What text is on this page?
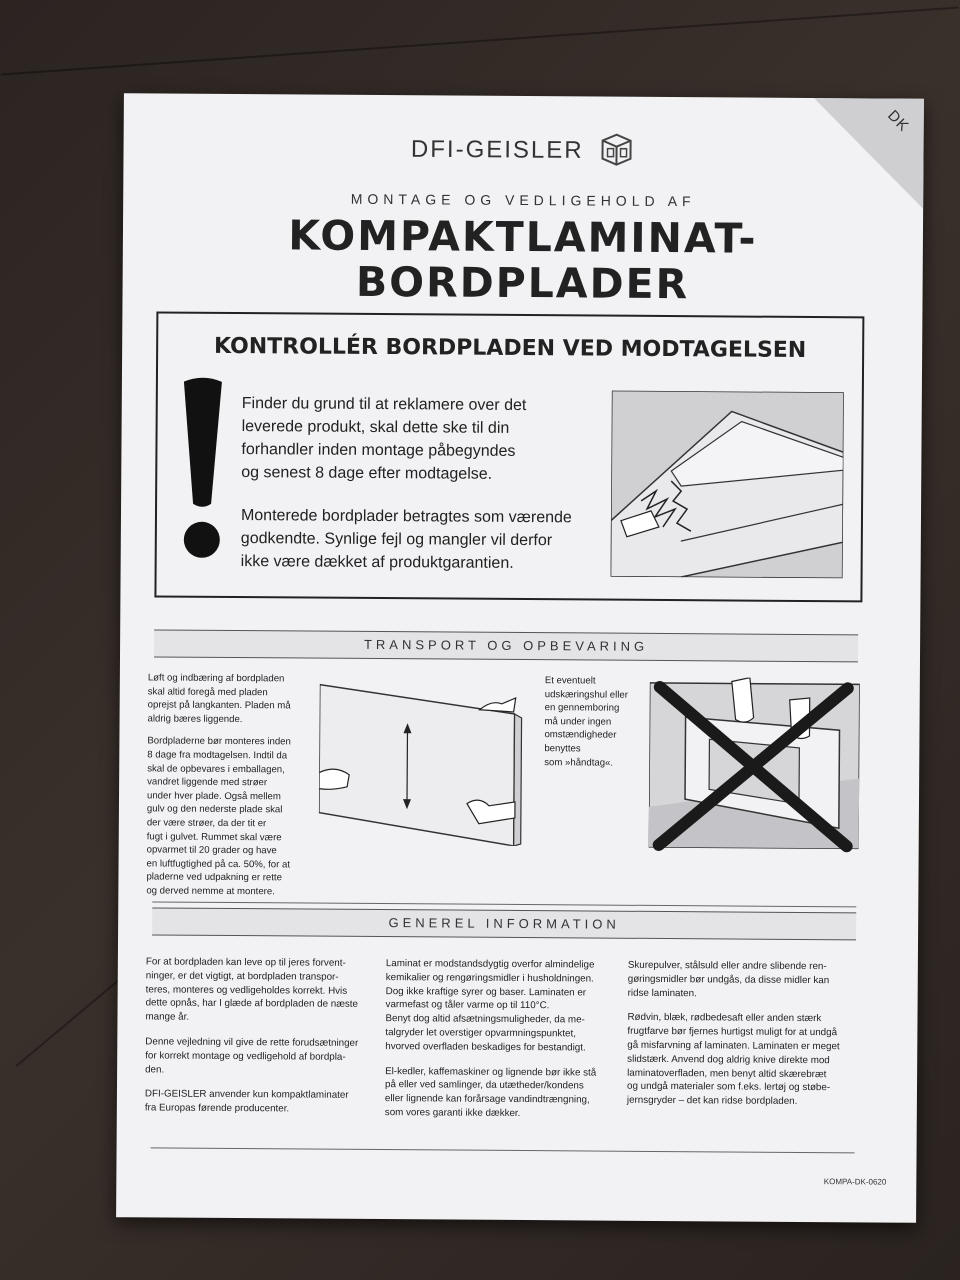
DK
DFI-GEISLER
MONTAGE OG VEDLIGEHOLD AF
KOMPAKTLAMINAT-
BORDPLADER
KONTROLLÉR BORDPLADEN VED MODTAGELSEN
Finder du grund til at reklamere over det
leverede produkt, skal dette ske til din
forhandler inden montage påbegyndes
og senest 8 dage efter modtagelse.
Monterede bordplader betragtes som værende
godkendte. Synlige fejl og mangler vil derfor
ikke være dækket af produktgarantien.
TRANSPORT OG OPBEVARING

Løft og indbæring af bordpladen
skal altid foregå med pladen
oprejst på langkanten. Pladen må
aldrig bæres liggende.

Bordpladerne bør monteres inden
8 dage fra modtagelsen. Indtil da
skal de opbevares i emballagen,
vandret liggende med strøer
under hver plade. Også mellem
gulv og den nederste plade skal
der være strøer, da der tit er
fugt i gulvet. Rummet skal være
opvarmet til 20 grader og have
en luftfugtighed på ca. 50%, for at
pladerne ved udpakning er rette
og derved nemme at montere.

Et eventuelt
udskæringshul eller
en gennemboring
må under ingen
omstændigheder
benyttes
som »håndtag«.
GENEREL INFORMATION

For at bordpladen kan leve op til jeres forvent-
ninger, er det vigtigt, at bordpladen transpor-
teres, monteres og vedligeholdes korrekt. Hvis
dette opnås, har I glæde af bordpladen de næste
mange år.

Denne vejledning vil give de rette forudsætninger
for korrekt montage og vedligehold af bordpla-
den.

DFI-GEISLER anvender kun kompaktlaminater
fra Europas førende producenter.

Laminat er modstandsdygtig overfor almindelige
kemikalier og rengøringsmidler i husholdningen.
Dog ikke kraftige syrer og baser. Laminaten er
varmefast og tåler varme op til 110°C.
Benyt dog altid afsætningsmuligheder, da me-
talgryder let overstiger opvarmningspunktet,
hvorved overfladen beskadiges for bestandigt.

El-kedler, kaffemaskiner og lignende bør ikke stå
på eller ved samlinger, da utætheder/kondens
eller lignende kan forårsage vandindtrængning,
som vores garanti ikke dækker.

Skurepulver, stålsuld eller andre slibende ren-
gøringsmidler bør undgås, da disse midler kan
ridse laminaten.

Rødvin, blæk, rødbedesaft eller anden stærk
frugtfarve bør fjernes hurtigst muligt for at undgå
gå misfarvning af laminaten. Laminaten er meget
slidstærk. Anvend dog aldrig knive direkte mod
laminatoverfladen, men benyt altid skærebræt
og undgå materialer som f.eks. lertøj og støbe-
jernsgryder – det kan ridse bordpladen.

KOMPA-DK-0620
